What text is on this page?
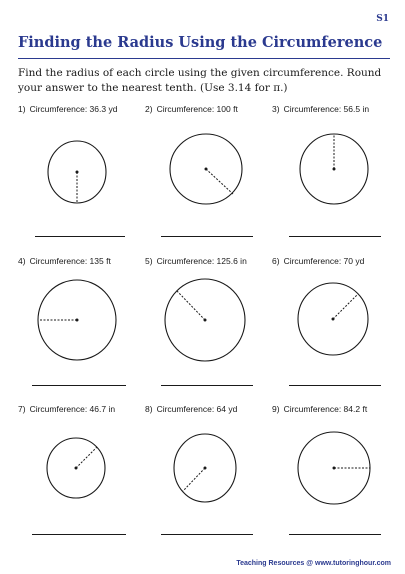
S1
Finding the Radius Using the Circumference
Find the radius of each circle using the given circumference. Round your answer to the nearest tenth. (Use 3.14 for π.)
1) Circumference: 36.3 yd	2) Circumference: 100 ft	3) Circumference: 56.5 in
4) Circumference: 135 ft	5) Circumference: 125.6 in	6) Circumference: 70 yd
7) Circumference: 46.7 in	8) Circumference: 64 yd	9) Circumference: 84.2 ft
Teaching Resources @ www.tutoringhour.com
